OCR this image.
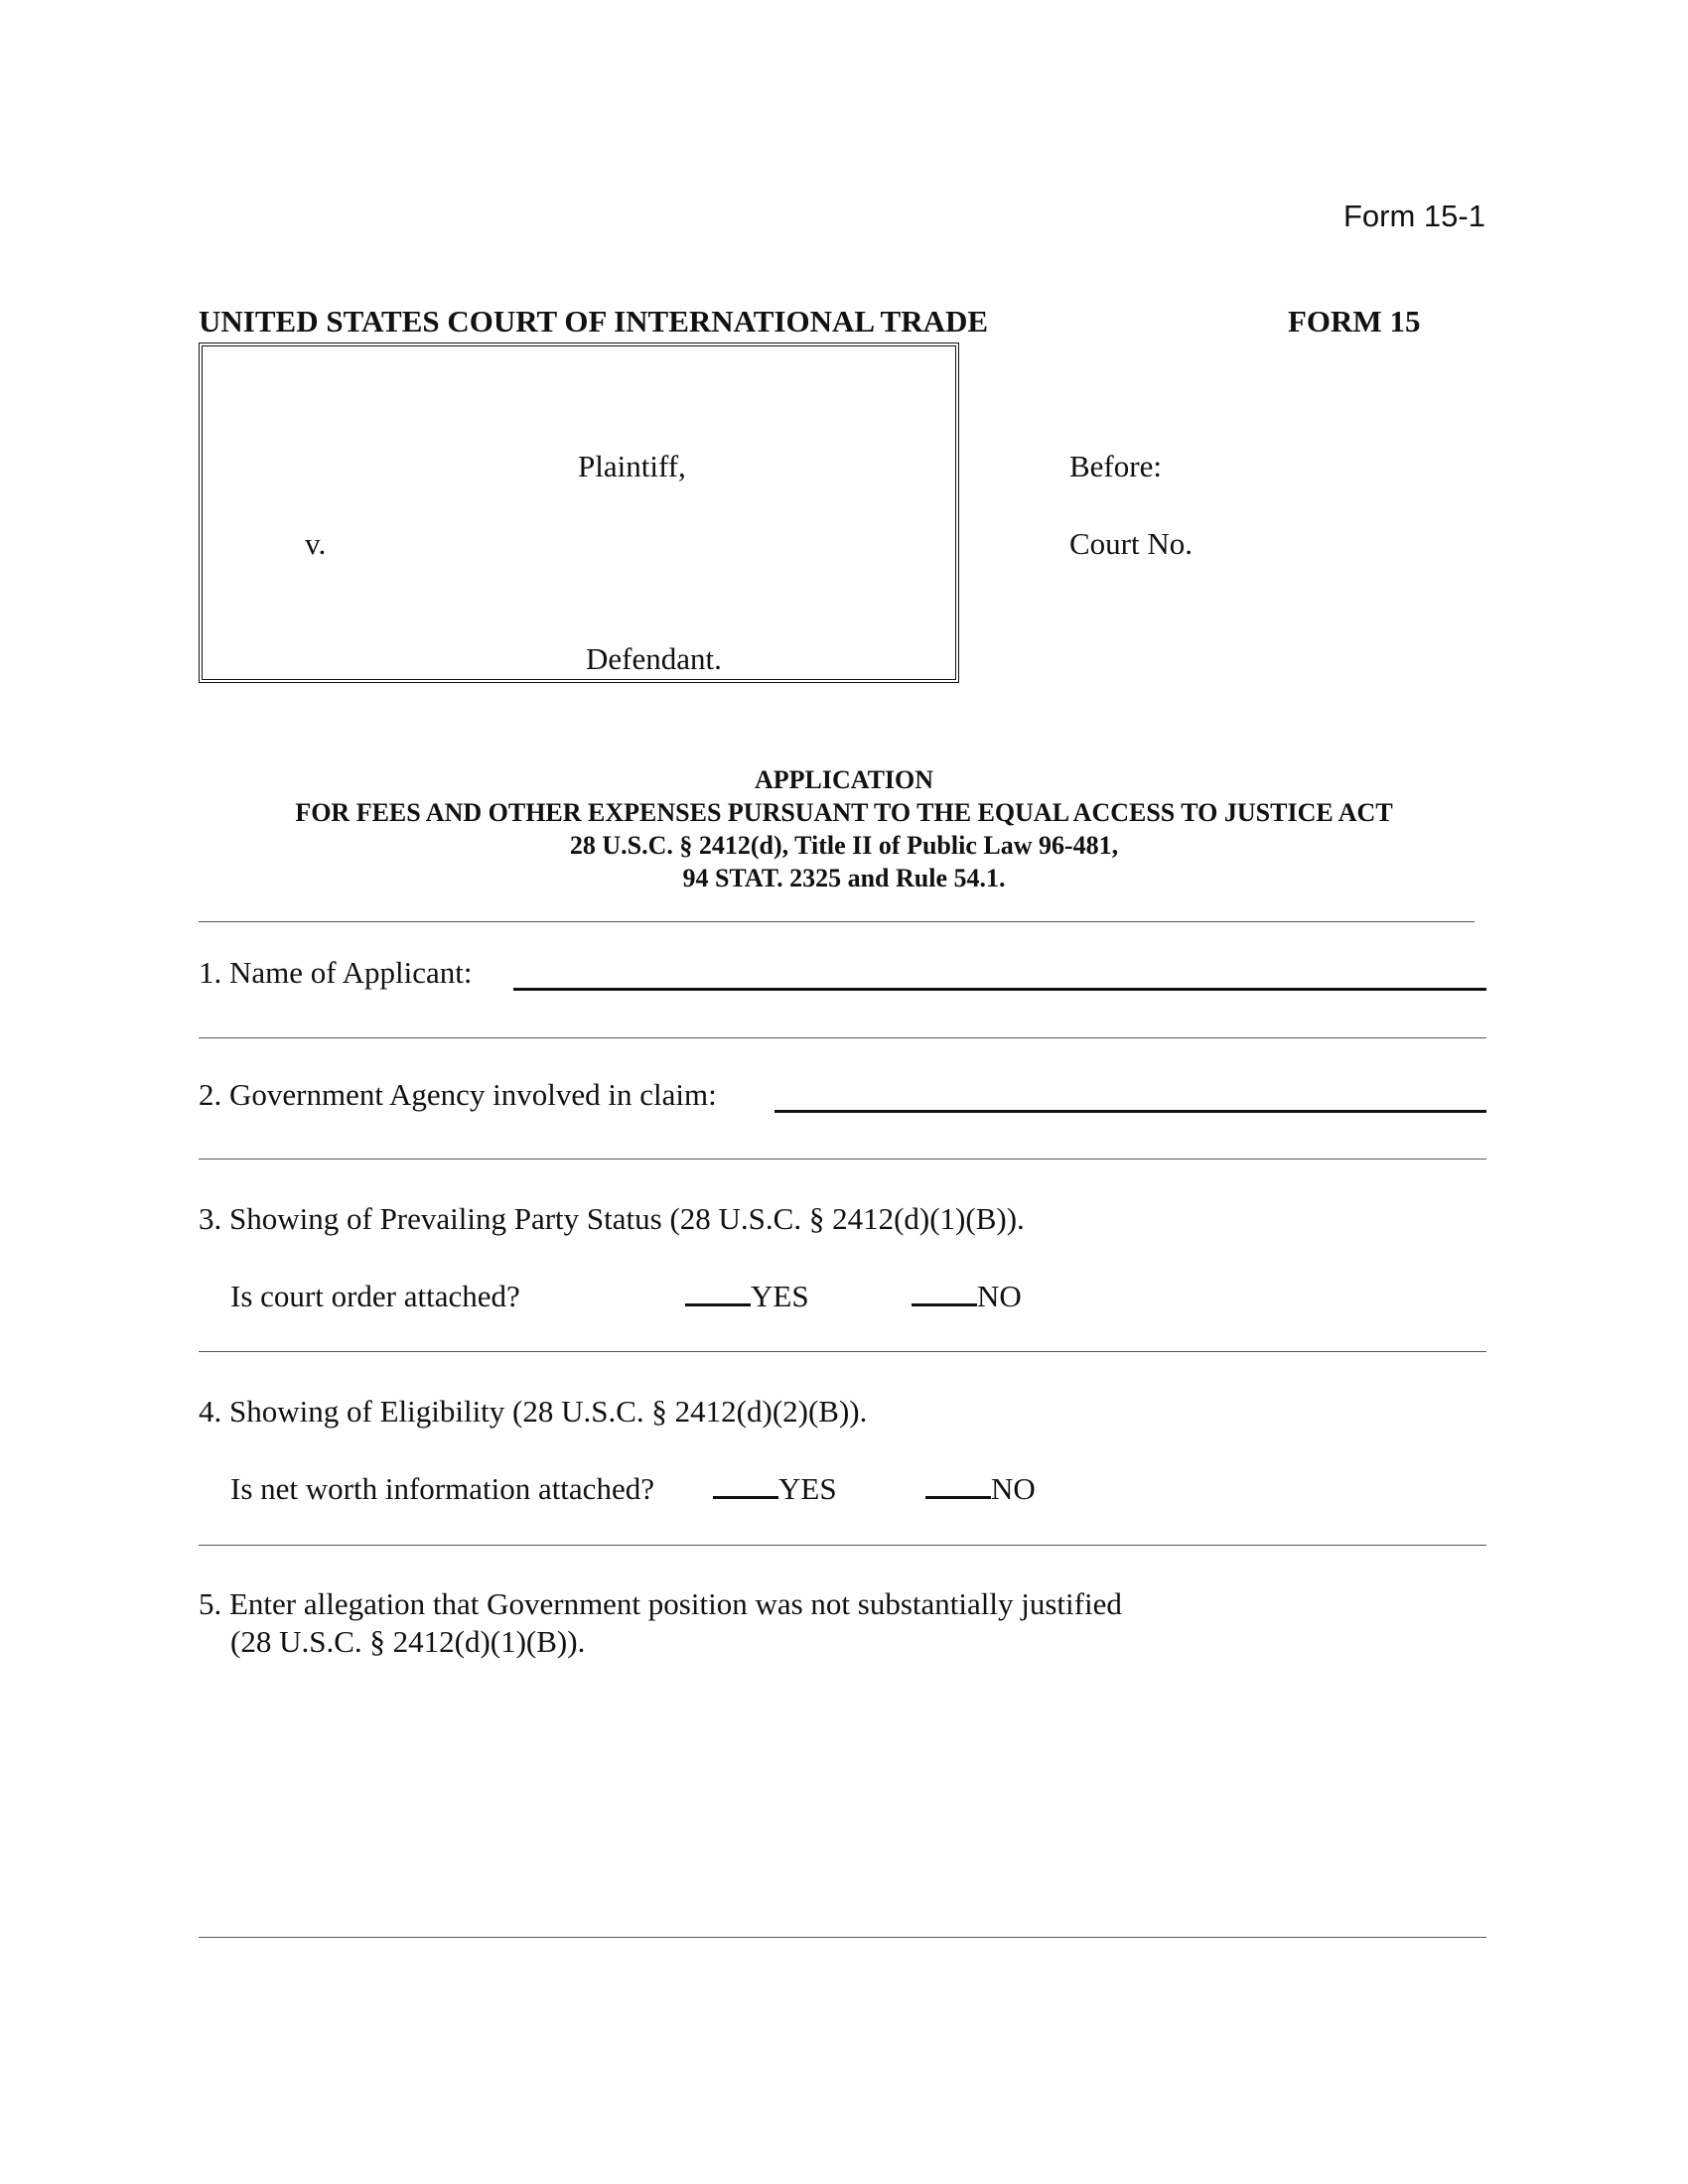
Form 15-1
UNITED STATES COURT OF INTERNATIONAL TRADE	FORM 15
Plaintiff,
v.
Defendant.
Before:
Court No.
APPLICATION
FOR FEES AND OTHER EXPENSES PURSUANT TO THE EQUAL ACCESS TO JUSTICE ACT
28 U.S.C. § 2412(d), Title II of Public Law 96-481,
94 STAT. 2325 and Rule 54.1.
1. Name of Applicant:
2. Government Agency involved in claim:
3. Showing of Prevailing Party Status (28 U.S.C. § 2412(d)(1)(B)).
Is court order attached?	YES	NO
4. Showing of Eligibility (28 U.S.C. § 2412(d)(2)(B)).
Is net worth information attached?	YES	NO
5. Enter allegation that Government position was not substantially justified
(28 U.S.C. § 2412(d)(1)(B)).
